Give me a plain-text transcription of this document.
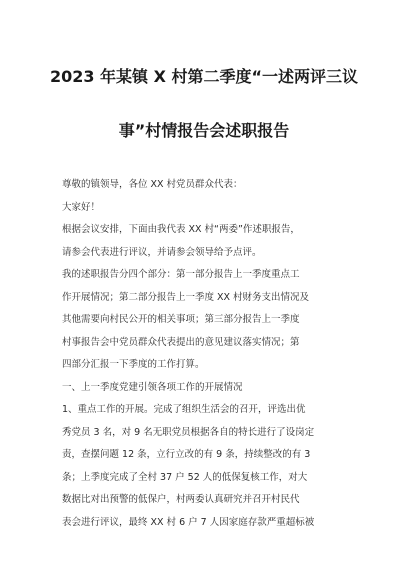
2023 年某镇 X 村第二季度“一述两评三议
事”村情报告会述职报告
尊敬的镇领导，各位 XX 村党员群众代表：
大家好！
根据会议安排，下面由我代表 XX 村“两委”作述职报告，
请参会代表进行评议，并请参会领导给予点评。
我的述职报告分四个部分：第一部分报告上一季度重点工
作开展情况；第二部分报告上一季度 XX 村财务支出情况及
其他需要向村民公开的相关事项；第三部分报告上一季度
村事报告会中党员群众代表提出的意见建议落实情况；第
四部分汇报一下季度的工作打算。
一、上一季度党建引领各项工作的开展情况
1、重点工作的开展。完成了组织生活会的召开，评选出优
秀党员 3 名，对 9 名无职党员根据各自的特长进行了设岗定
责，查摆问题 12 条，立行立改的有 9 条，持续整改的有 3
条；上季度完成了全村 37 户 52 人的低保复核工作，对大
数据比对出预警的低保户，村两委认真研究并召开村民代
表会进行评议，最终 XX 村 6 户 7 人因家庭存款严重超标被
